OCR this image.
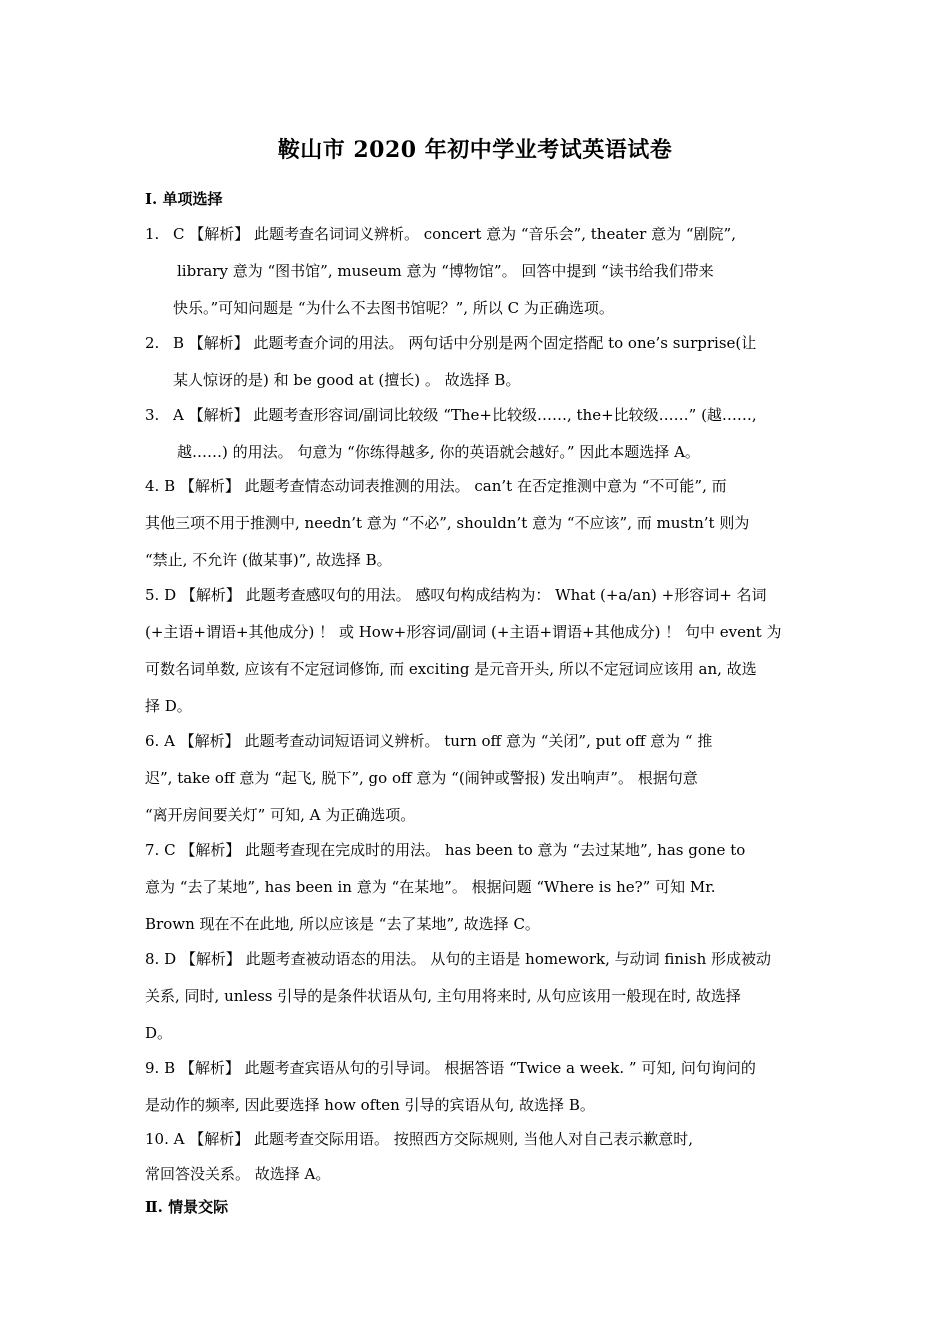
鞍山市 2020 年初中学业考试英语试卷
Ⅰ. 单项选择
1. C 【解析】 此题考查名词词义辨析。 concert 意为 “音乐会”, theater 意为 “剧院”,
library 意为 “图书馆”, museum 意为 “博物馆”。 回答中提到 “读书给我们带来
快乐。”可知问题是 “为什么不去图书馆呢？”, 所以 C 为正确选项。
2. B 【解析】 此题考查介词的用法。 两句话中分别是两个固定搭配 to one’s surprise(让
某人惊讶的是) 和 be good at (擅长) 。 故选择 B。
3. A 【解析】 此题考查形容词/副词比较级 “The+比较级……, the+比较级……” (越……,
越……) 的用法。 句意为 “你练得越多, 你的英语就会越好。” 因此本题选择 A。
4. B 【解析】 此题考查情态动词表推测的用法。 can’t 在否定推测中意为 “不可能”, 而
其他三项不用于推测中, needn’t 意为 “不必”, shouldn’t 意为 “不应该”, 而 mustn’t 则为
“禁止, 不允许 (做某事)”, 故选择 B。
5. D 【解析】 此题考查感叹句的用法。 感叹句构成结构为： What (+a/an) +形容词+ 名词
(+主语+谓语+其他成分) ！ 或 How+形容词/副词 (+主语+谓语+其他成分) ！ 句中 event 为
可数名词单数, 应该有不定冠词修饰, 而 exciting 是元音开头, 所以不定冠词应该用 an, 故选
择 D。
6. A 【解析】 此题考查动词短语词义辨析。 turn off 意为 “关闭”, put off 意为 “ 推
迟”, take off 意为 “起飞, 脱下”, go off 意为 “(闹钟或警报) 发出响声”。 根据句意
“离开房间要关灯” 可知, A 为正确选项。
7. C 【解析】 此题考查现在完成时的用法。 has been to 意为 “去过某地”, has gone to
意为 “去了某地”, has been in 意为 “在某地”。 根据问题 “Where is he?” 可知 Mr.
Brown 现在不在此地, 所以应该是 “去了某地”, 故选择 C。
8. D 【解析】 此题考查被动语态的用法。 从句的主语是 homework, 与动词 finish 形成被动
关系, 同时, unless 引导的是条件状语从句, 主句用将来时, 从句应该用一般现在时, 故选择
D。
9. B 【解析】 此题考查宾语从句的引导词。 根据答语 “Twice a week. ” 可知, 问句询问的
是动作的频率, 因此要选择 how often 引导的宾语从句, 故选择 B。
10. A 【解析】 此题考查交际用语。 按照西方交际规则, 当他人对自己表示歉意时,
常回答没关系。 故选择 A。
Ⅱ. 情景交际
